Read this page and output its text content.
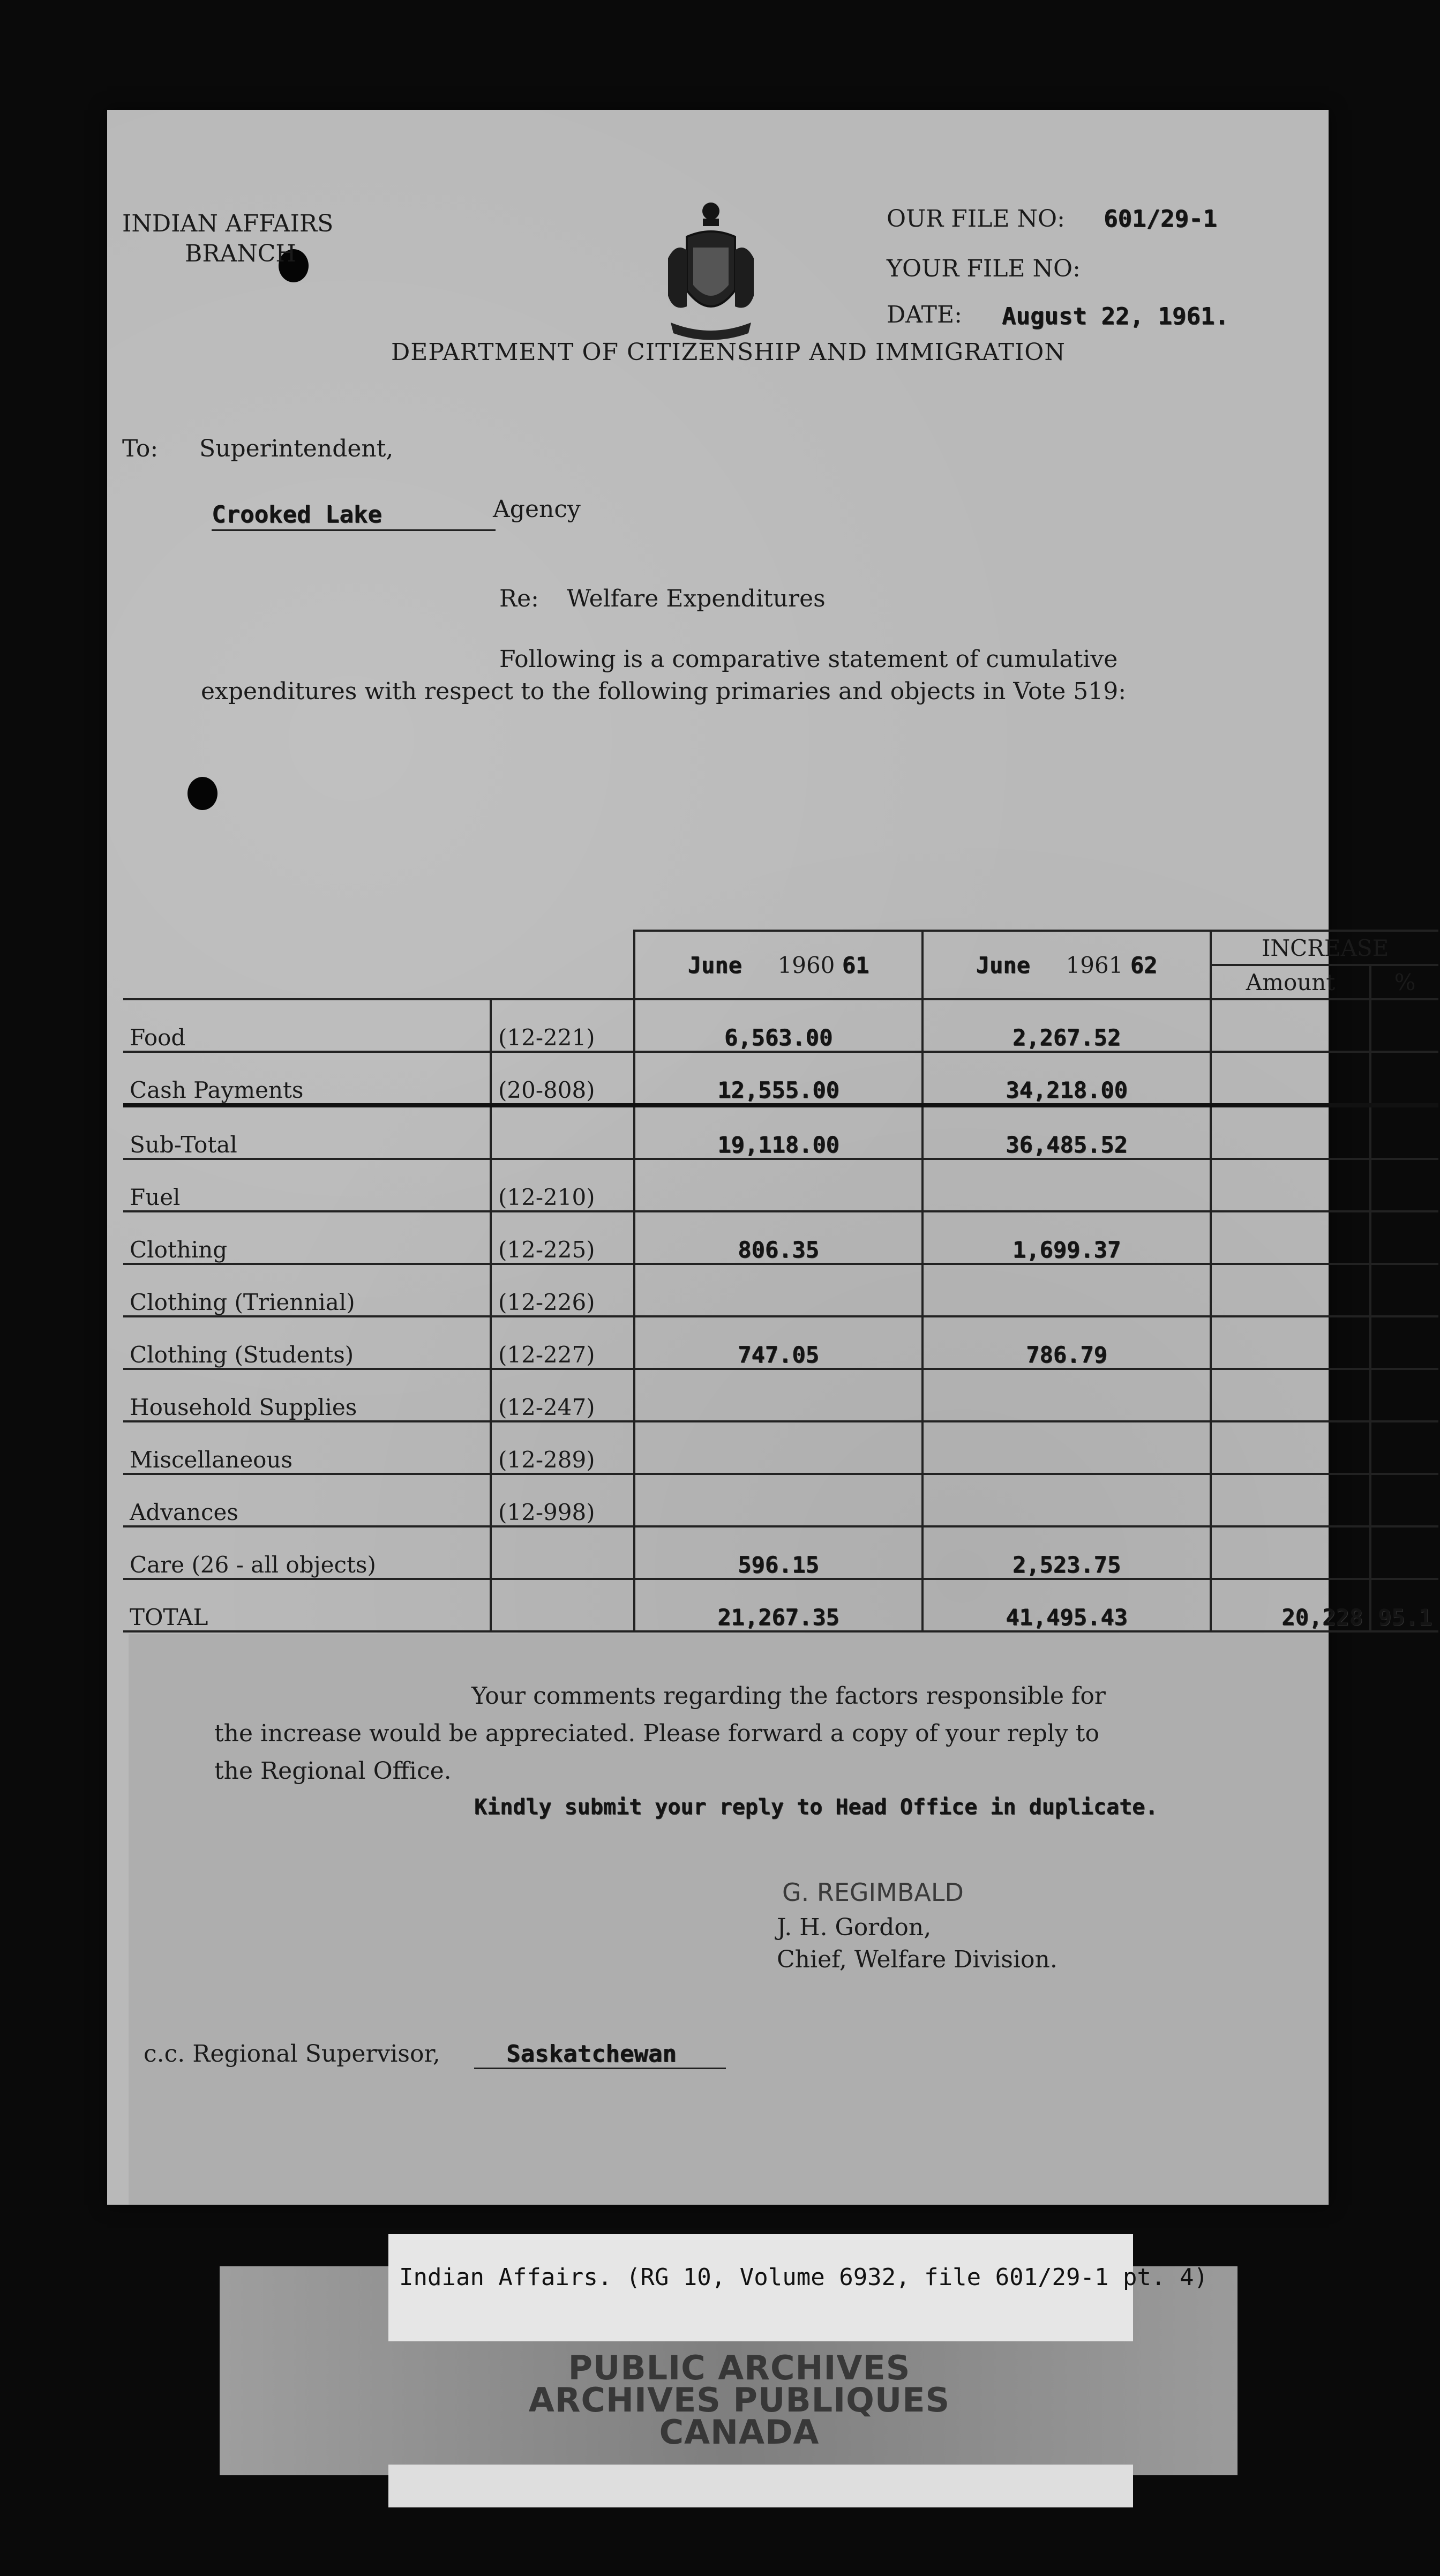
INDIAN AFFAIRS
BRANCH
OUR FILE NO: 601/29-1
YOUR FILE NO:
DATE: August 22, 1961.
DEPARTMENT OF CITIZENSHIP AND IMMIGRATION
To: Superintendent,
Crooked Lake	Agency
Re: Welfare Expenditures
Following is a comparative statement of cumulative
expenditures with respect to the following primaries and objects in Vote 519:
		June 1960 61	June 1961 62	INCREASE	
				Amount	%
Food	(12-221)	6,563.00	2,267.52		
Cash Payments	(20-808)	12,555.00	34,218.00		
Sub-Total		19,118.00	36,485.52		
Fuel	(12-210)				
Clothing	(12-225)	806.35	1,699.37		
Clothing (Triennial)	(12-226)				
Clothing (Students)	(12-227)	747.05	786.79		
Household Supplies	(12-247)				
Miscellaneous	(12-289)				
Advances	(12-998)				
Care (26 - all objects)		596.15	2,523.75		
TOTAL		21,267.35	41,495.43	20,228	95.1
Your comments regarding the factors responsible for
the increase would be appreciated. Please forward a copy of your reply to
the Regional Office.
Kindly submit your reply to Head Office in duplicate.
G. REGIMBALD
J. H. Gordon,
Chief, Welfare Division.
c.c. Regional Supervisor,	Saskatchewan
Indian Affairs. (RG 10, Volume 6932, file 601/29-1 pt. 4)
PUBLIC ARCHIVES
ARCHIVES PUBLIQUES
CANADA
